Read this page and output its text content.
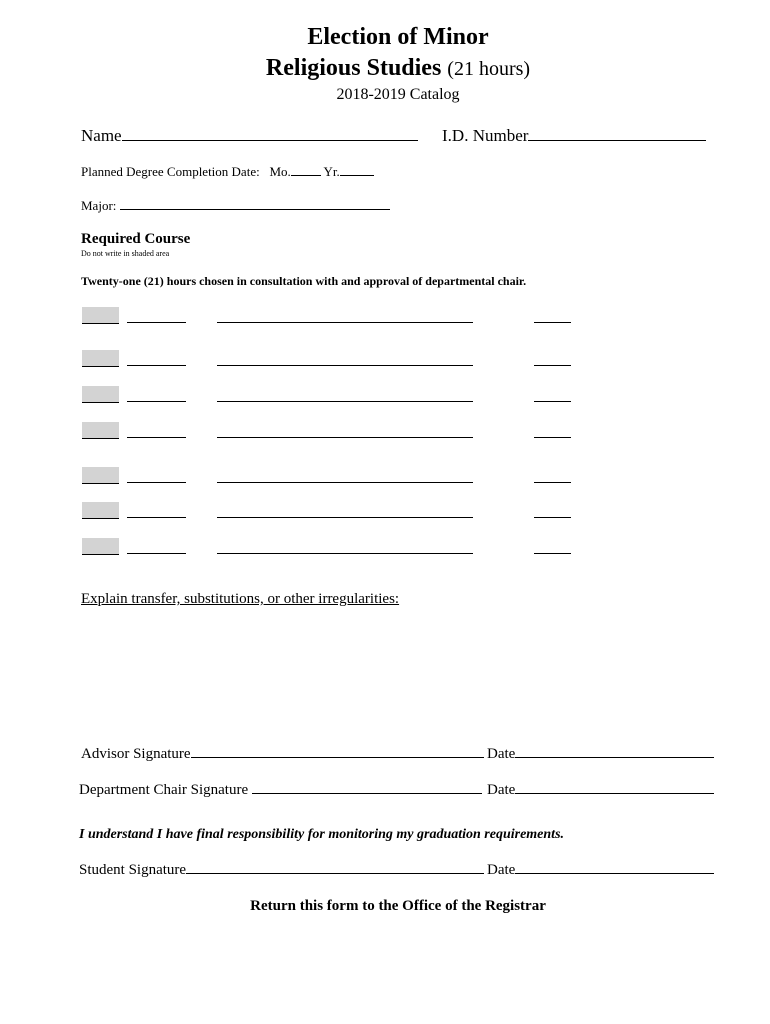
Election of Minor
Religious Studies (21 hours)
2018-2019 Catalog
Name	I.D. Number
Planned Degree Completion Date: Mo.	Yr.
Major:
Required Course
Do not write in shaded area
Twenty-one (21) hours chosen in consultation with and approval of departmental chair.
Explain transfer, substitutions, or other irregularities:
Advisor Signature	Date
Department Chair Signature	Date
I understand I have final responsibility for monitoring my graduation requirements.
Student Signature	Date
Return this form to the Office of the Registrar
